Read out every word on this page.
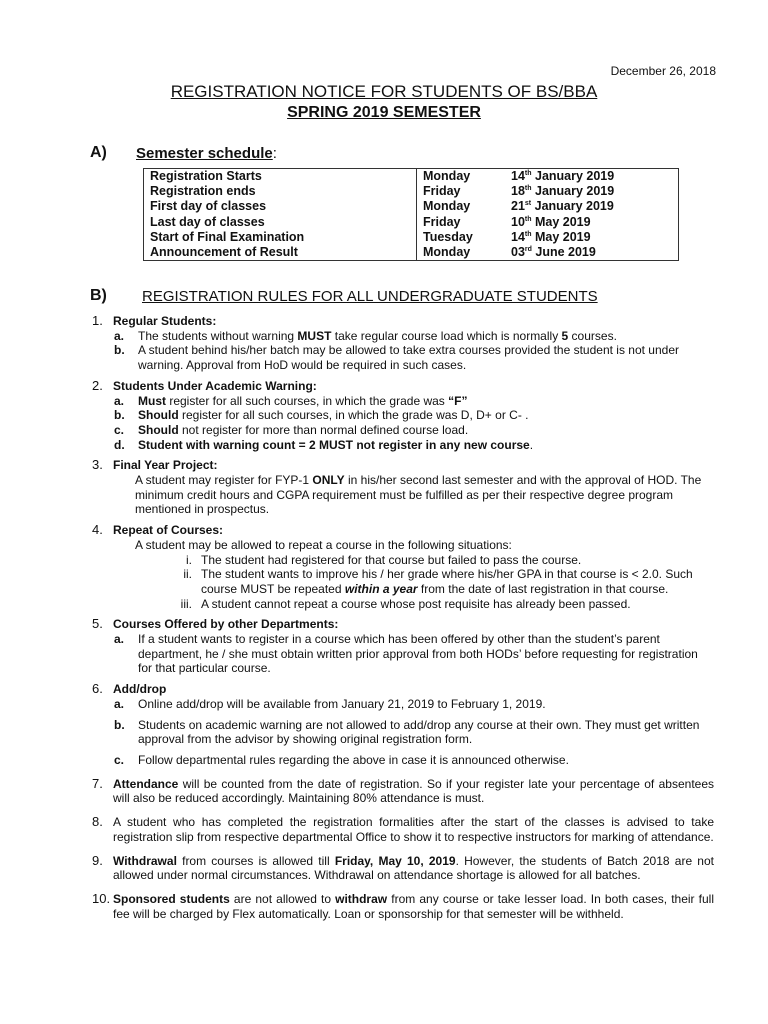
December 26, 2018
REGISTRATION NOTICE FOR STUDENTS OF BS/BBA
SPRING 2019 SEMESTER
A) Semester schedule:
Registration Starts	Monday	14th January 2019
Registration ends	Friday	18th January 2019
First day of classes	Monday	21st January 2019
Last day of classes	Friday	10th May 2019
Start of Final Examination	Tuesday	14th May 2019
Announcement of Result	Monday	03rd June 2019
B) REGISTRATION RULES FOR ALL UNDERGRADUATE STUDENTS
1. Regular Students:
a. The students without warning MUST take regular course load which is normally 5 courses.
b. A student behind his/her batch may be allowed to take extra courses provided the student is not under warning. Approval from HoD would be required in such cases.
2. Students Under Academic Warning:
a. Must register for all such courses, in which the grade was “F”
b. Should register for all such courses, in which the grade was D, D+ or C- .
c. Should not register for more than normal defined course load.
d. Student with warning count = 2 MUST not register in any new course.
3. Final Year Project:
A student may register for FYP-1 ONLY in his/her second last semester and with the approval of HOD. The minimum credit hours and CGPA requirement must be fulfilled as per their respective degree program mentioned in prospectus.
4. Repeat of Courses:
A student may be allowed to repeat a course in the following situations:
i. The student had registered for that course but failed to pass the course.
ii. The student wants to improve his / her grade where his/her GPA in that course is < 2.0. Such course MUST be repeated within a year from the date of last registration in that course.
iii. A student cannot repeat a course whose post requisite has already been passed.
5. Courses Offered by other Departments:
a. If a student wants to register in a course which has been offered by other than the student’s parent department, he / she must obtain written prior approval from both HODs’ before requesting for registration for that particular course.
6. Add/drop
a. Online add/drop will be available from January 21, 2019 to February 1, 2019.
b. Students on academic warning are not allowed to add/drop any course at their own. They must get written approval from the advisor by showing original registration form.
c. Follow departmental rules regarding the above in case it is announced otherwise.
7. Attendance will be counted from the date of registration. So if your register late your percentage of absentees will also be reduced accordingly. Maintaining 80% attendance is must.
8. A student who has completed the registration formalities after the start of the classes is advised to take registration slip from respective departmental Office to show it to respective instructors for marking of attendance.
9. Withdrawal from courses is allowed till Friday, May 10, 2019. However, the students of Batch 2018 are not allowed under normal circumstances. Withdrawal on attendance shortage is allowed for all batches.
10. Sponsored students are not allowed to withdraw from any course or take lesser load. In both cases, their full fee will be charged by Flex automatically. Loan or sponsorship for that semester will be withheld.
